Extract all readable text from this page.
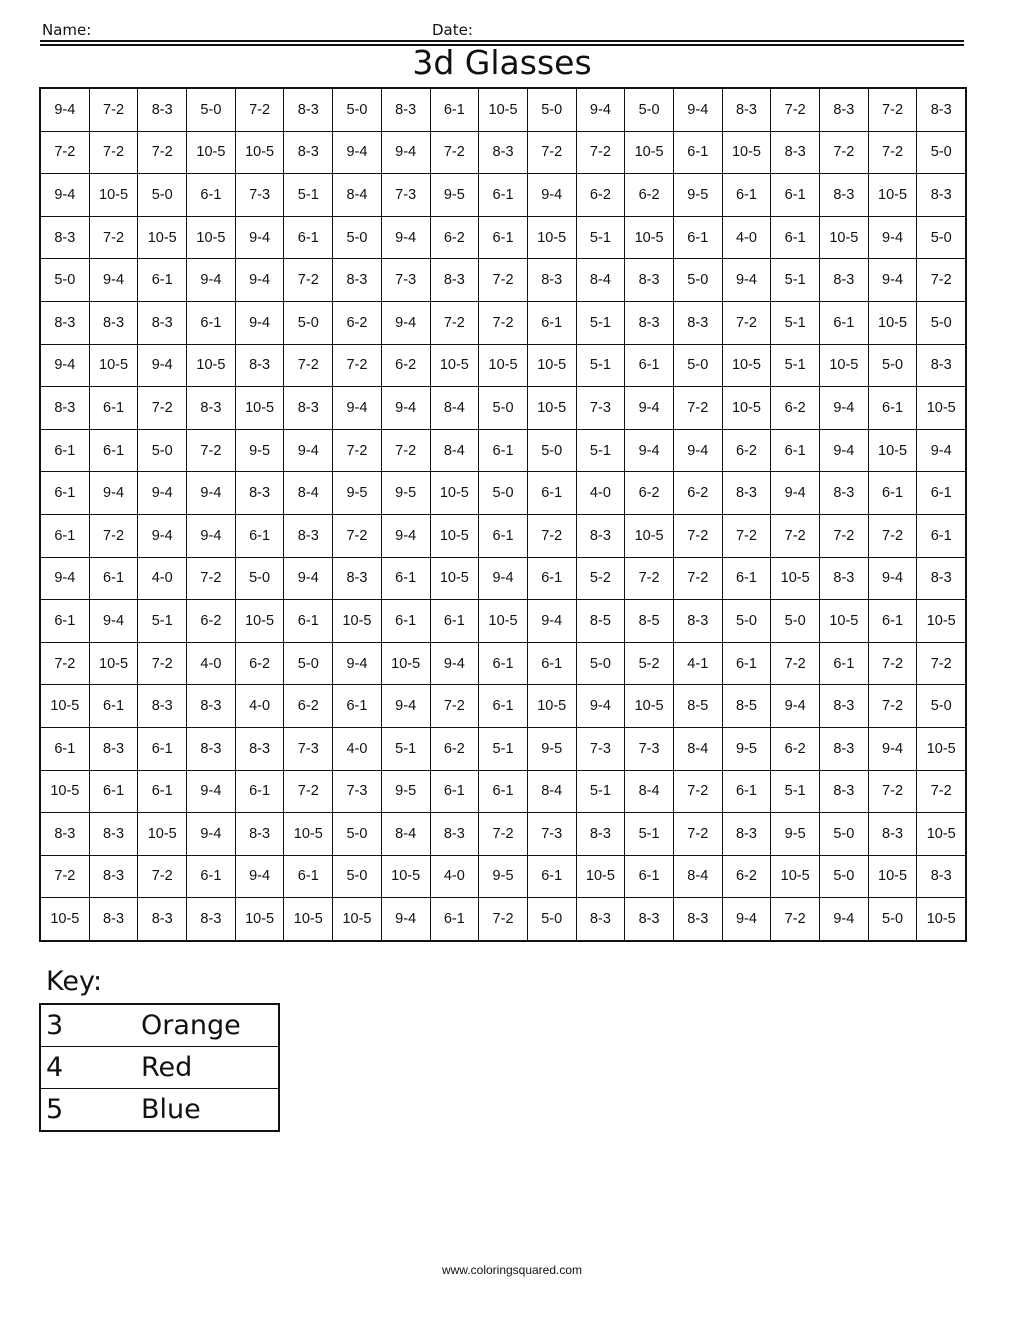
Name:	Date:
3d Glasses
9-4	7-2	8-3	5-0	7-2	8-3	5-0	8-3	6-1	10-5	5-0	9-4	5-0	9-4	8-3	7-2	8-3	7-2	8-3
7-2	7-2	7-2	10-5	10-5	8-3	9-4	9-4	7-2	8-3	7-2	7-2	10-5	6-1	10-5	8-3	7-2	7-2	5-0
9-4	10-5	5-0	6-1	7-3	5-1	8-4	7-3	9-5	6-1	9-4	6-2	6-2	9-5	6-1	6-1	8-3	10-5	8-3
8-3	7-2	10-5	10-5	9-4	6-1	5-0	9-4	6-2	6-1	10-5	5-1	10-5	6-1	4-0	6-1	10-5	9-4	5-0
5-0	9-4	6-1	9-4	9-4	7-2	8-3	7-3	8-3	7-2	8-3	8-4	8-3	5-0	9-4	5-1	8-3	9-4	7-2
8-3	8-3	8-3	6-1	9-4	5-0	6-2	9-4	7-2	7-2	6-1	5-1	8-3	8-3	7-2	5-1	6-1	10-5	5-0
9-4	10-5	9-4	10-5	8-3	7-2	7-2	6-2	10-5	10-5	10-5	5-1	6-1	5-0	10-5	5-1	10-5	5-0	8-3
8-3	6-1	7-2	8-3	10-5	8-3	9-4	9-4	8-4	5-0	10-5	7-3	9-4	7-2	10-5	6-2	9-4	6-1	10-5
6-1	6-1	5-0	7-2	9-5	9-4	7-2	7-2	8-4	6-1	5-0	5-1	9-4	9-4	6-2	6-1	9-4	10-5	9-4
6-1	9-4	9-4	9-4	8-3	8-4	9-5	9-5	10-5	5-0	6-1	4-0	6-2	6-2	8-3	9-4	8-3	6-1	6-1
6-1	7-2	9-4	9-4	6-1	8-3	7-2	9-4	10-5	6-1	7-2	8-3	10-5	7-2	7-2	7-2	7-2	7-2	6-1
9-4	6-1	4-0	7-2	5-0	9-4	8-3	6-1	10-5	9-4	6-1	5-2	7-2	7-2	6-1	10-5	8-3	9-4	8-3
6-1	9-4	5-1	6-2	10-5	6-1	10-5	6-1	6-1	10-5	9-4	8-5	8-5	8-3	5-0	5-0	10-5	6-1	10-5
7-2	10-5	7-2	4-0	6-2	5-0	9-4	10-5	9-4	6-1	6-1	5-0	5-2	4-1	6-1	7-2	6-1	7-2	7-2
10-5	6-1	8-3	8-3	4-0	6-2	6-1	9-4	7-2	6-1	10-5	9-4	10-5	8-5	8-5	9-4	8-3	7-2	5-0
6-1	8-3	6-1	8-3	8-3	7-3	4-0	5-1	6-2	5-1	9-5	7-3	7-3	8-4	9-5	6-2	8-3	9-4	10-5
10-5	6-1	6-1	9-4	6-1	7-2	7-3	9-5	6-1	6-1	8-4	5-1	8-4	7-2	6-1	5-1	8-3	7-2	7-2
8-3	8-3	10-5	9-4	8-3	10-5	5-0	8-4	8-3	7-2	7-3	8-3	5-1	7-2	8-3	9-5	5-0	8-3	10-5
7-2	8-3	7-2	6-1	9-4	6-1	5-0	10-5	4-0	9-5	6-1	10-5	6-1	8-4	6-2	10-5	5-0	10-5	8-3
10-5	8-3	8-3	8-3	10-5	10-5	10-5	9-4	6-1	7-2	5-0	8-3	8-3	8-3	9-4	7-2	9-4	5-0	10-5
Key:
3	Orange
4	Red
5	Blue
www.coloringsquared.com
